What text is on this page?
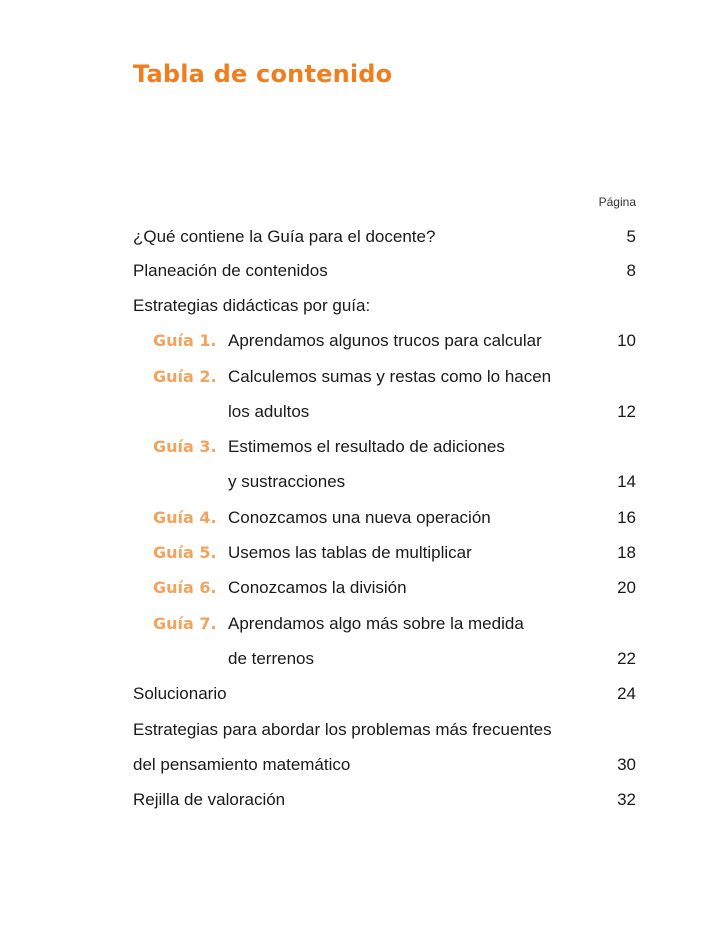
Tabla de contenido
Página
¿Qué contiene la Guía para el docente?	5
Planeación de contenidos	8
Estrategias didácticas por guía:
Guía 1. Aprendamos algunos trucos para calcular	10
Guía 2. Calculemos sumas y restas como lo hacen
los adultos	12
Guía 3. Estimemos el resultado de adiciones
y sustracciones	14
Guía 4. Conozcamos una nueva operación	16
Guía 5. Usemos las tablas de multiplicar	18
Guía 6. Conozcamos la división	20
Guía 7. Aprendamos algo más sobre la medida
de terrenos	22
Solucionario	24
Estrategias para abordar los problemas más frecuentes
del pensamiento matemático	30
Rejilla de valoración	32
